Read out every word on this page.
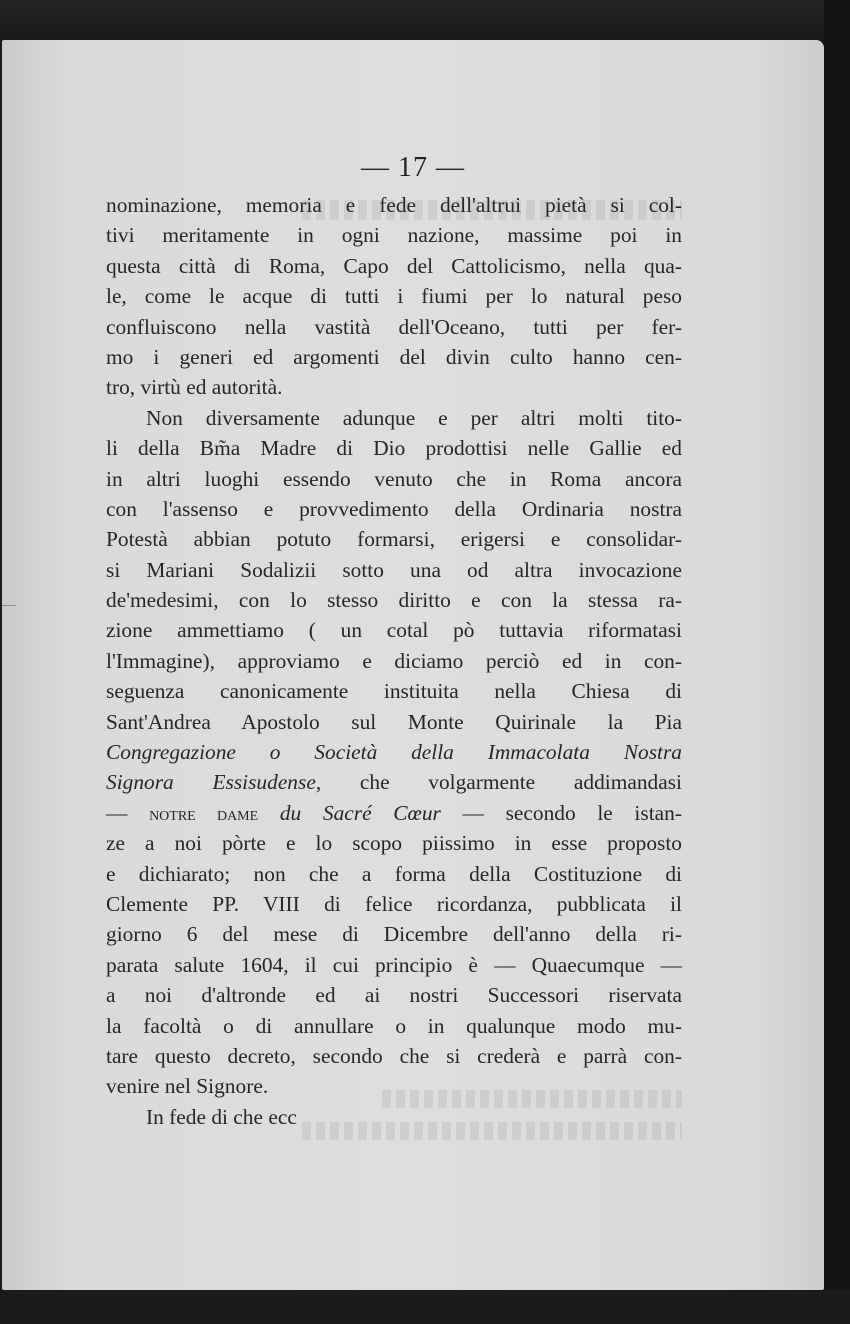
— 17 —
nominazione, memoria e fede dell'altrui pietà si col-
tivi meritamente in ogni nazione, massime poi in
questa città di Roma, Capo del Cattolicismo, nella qua-
le, come le acque di tutti i fiumi per lo natural peso
confluiscono nella vastità dell'Oceano, tutti per fer-
mo i generi ed argomenti del divin culto hanno cen-
tro, virtù ed autorità.
Non diversamente adunque e per altri molti tito-
li della Bm̃a Madre di Dio prodottisi nelle Gallie ed
in altri luoghi essendo venuto che in Roma ancora
con l'assenso e provvedimento della Ordinaria nostra
Potestà abbian potuto formarsi, erigersi e consolidar-
si Mariani Sodalizii sotto una od altra invocazione
de'medesimi, con lo stesso diritto e con la stessa ra-
zione ammettiamo ( un cotal pò tuttavia riformatasi
l'Immagine), approviamo e diciamo perciò ed in con-
seguenza canonicamente instituita nella Chiesa di
Sant'Andrea Apostolo sul Monte Quirinale la Pia
Congregazione o Società della Immacolata Nostra
Signora Essisudense, che volgarmente addimandasi
— notre dame du Sacré Cœur — secondo le istan-
ze a noi pòrte e lo scopo piissimo in esse proposto
e dichiarato; non che a forma della Costituzione di
Clemente PP. VIII di felice ricordanza, pubblicata il
giorno 6 del mese di Dicembre dell'anno della ri-
parata salute 1604, il cui principio è — Quaecumque —
a noi d'altronde ed ai nostri Successori riservata
la facoltà o di annullare o in qualunque modo mu-
tare questo decreto, secondo che si crederà e parrà con-
venire nel Signore.
In fede di che ecc
